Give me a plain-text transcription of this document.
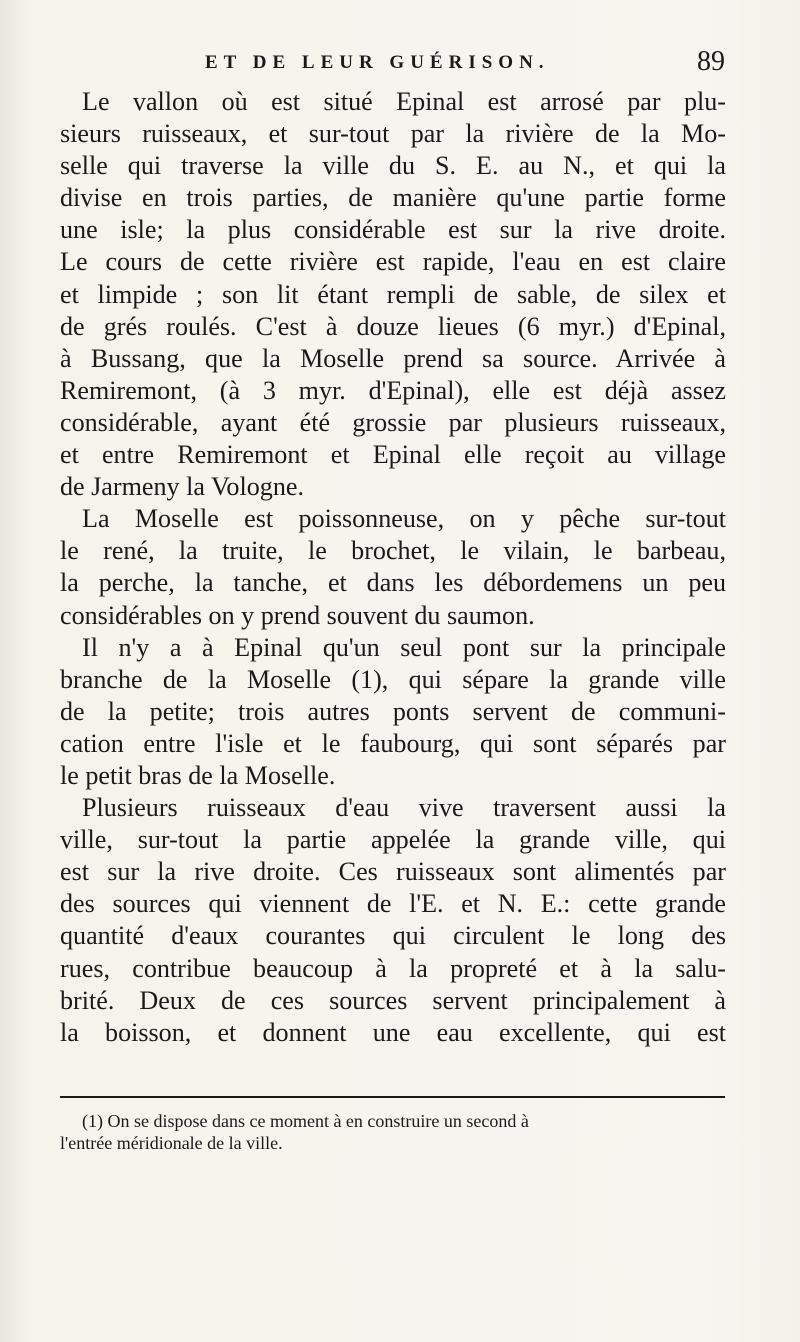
ET DE LEUR GUÉRISON.	89
Le vallon où est situé Epinal est arrosé par plu-
sieurs ruisseaux, et sur-tout par la rivière de la Mo-
selle qui traverse la ville du S. E. au N., et qui la
divise en trois parties, de manière qu'une partie forme
une isle; la plus considérable est sur la rive droite.
Le cours de cette rivière est rapide, l'eau en est claire
et limpide ; son lit étant rempli de sable, de silex et
de grés roulés. C'est à douze lieues (6 myr.) d'Epinal,
à Bussang, que la Moselle prend sa source. Arrivée à
Remiremont, (à 3 myr. d'Epinal), elle est déjà assez
considérable, ayant été grossie par plusieurs ruisseaux,
et entre Remiremont et Epinal elle reçoit au village
de Jarmeny la Vologne.
La Moselle est poissonneuse, on y pêche sur-tout
le rené, la truite, le brochet, le vilain, le barbeau,
la perche, la tanche, et dans les débordemens un peu
considérables on y prend souvent du saumon.
Il n'y a à Epinal qu'un seul pont sur la principale
branche de la Moselle (1), qui sépare la grande ville
de la petite; trois autres ponts servent de communi-
cation entre l'isle et le faubourg, qui sont séparés par
le petit bras de la Moselle.
Plusieurs ruisseaux d'eau vive traversent aussi la
ville, sur-tout la partie appelée la grande ville, qui
est sur la rive droite. Ces ruisseaux sont alimentés par
des sources qui viennent de l'E. et N. E.: cette grande
quantité d'eaux courantes qui circulent le long des
rues, contribue beaucoup à la propreté et à la salu-
brité. Deux de ces sources servent principalement à
la boisson, et donnent une eau excellente, qui est
(1) On se dispose dans ce moment à en construire un second à
l'entrée méridionale de la ville.
